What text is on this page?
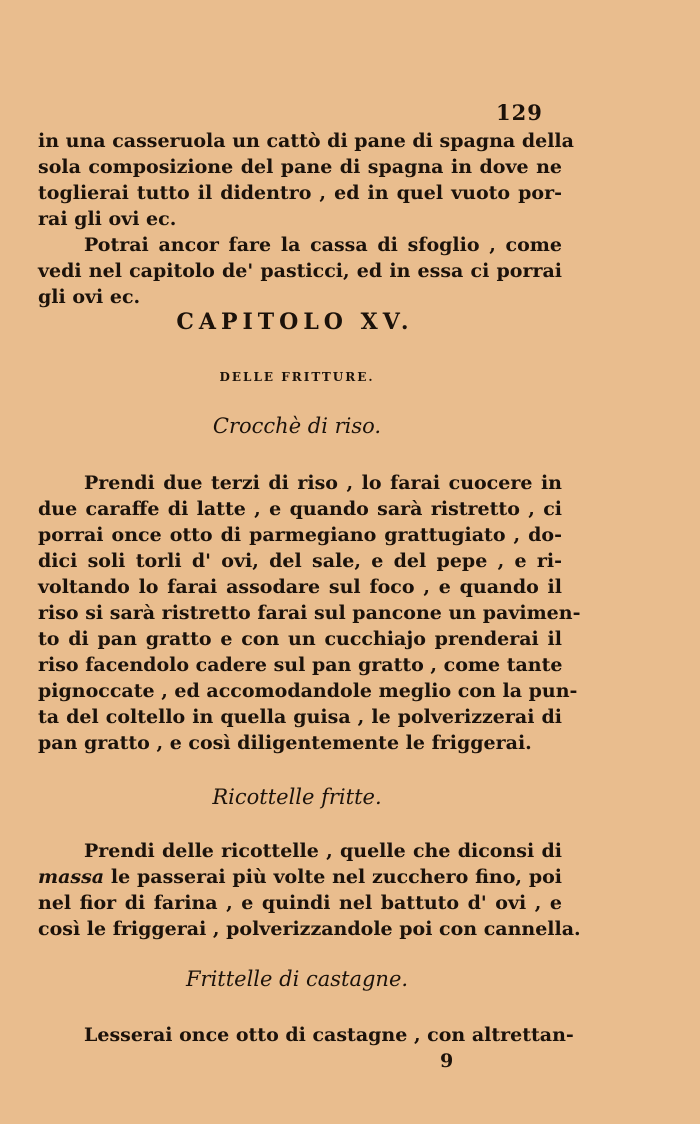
129
in una casseruola un cattò di pane di spagna della
sola composizione del pane di spagna in dove ne
toglierai tutto il didentro , ed in quel vuoto por-
rai gli ovi ec.
Potrai ancor fare la cassa di sfoglio , come
vedi nel capitolo de' pasticci, ed in essa ci porrai
gli ovi ec.
CAPITOLO XV.
DELLE FRITTURE.
Crocchè di riso.
Prendi due terzi di riso , lo farai cuocere in
due caraffe di latte , e quando sarà ristretto , ci
porrai once otto di parmegiano grattugiato , do-
dici soli torli d' ovi, del sale, e del pepe , e ri-
voltando lo farai assodare sul foco , e quando il
riso si sarà ristretto farai sul pancone un pavimen-
to di pan gratto e con un cucchiajo prenderai il
riso facendolo cadere sul pan gratto , come tante
pignoccate , ed accomodandole meglio con la pun-
ta del coltello in quella guisa , le polverizzerai di
pan gratto , e così diligentemente le friggerai.
Ricottelle fritte.
Prendi delle ricottelle , quelle che diconsi di
massa le passerai più volte nel zucchero fino, poi
nel fior di farina , e quindi nel battuto d' ovi , e
così le friggerai , polverizzandole poi con cannella.
Frittelle di castagne.
Lesserai once otto di castagne , con altrettan-
9
